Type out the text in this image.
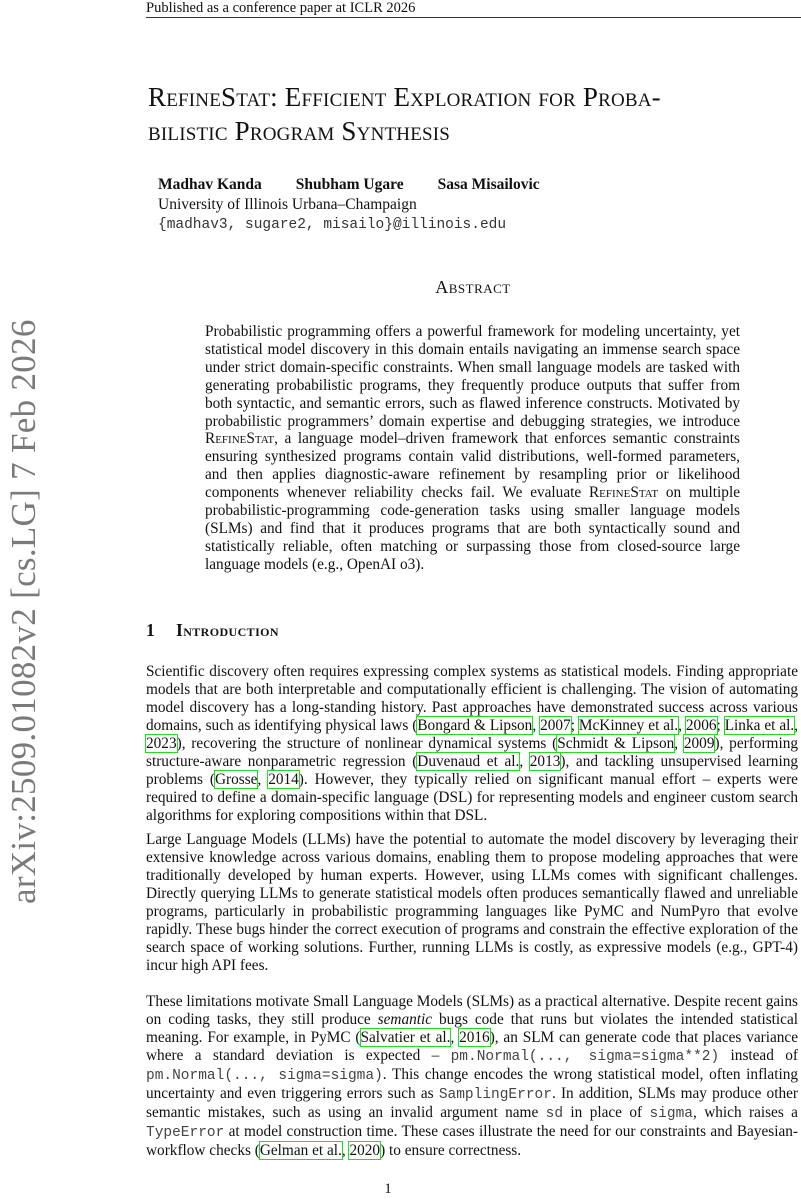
Published as a conference paper at ICLR 2026
arXiv:2509.01082v2 [cs.LG] 7 Feb 2026
RefineStat: Efficient Exploration for Proba-
bilistic Program Synthesis
Madhav Kanda Shubham Ugare Sasa Misailovic
University of Illinois Urbana–Champaign
{madhav3, sugare2, misailo}@illinois.edu
Abstract

Probabilistic programming offers a powerful framework for modeling uncertainty, yet statistical model discovery in this domain entails navigating an immense search space under strict domain-specific constraints. When small language models are tasked with generating probabilistic programs, they frequently produce outputs that suffer from both syntactic, and semantic errors, such as flawed inference constructs. Motivated by probabilistic programmers’ domain expertise and debugging strategies, we introduce RefineStat, a language model–driven framework that enforces semantic constraints ensuring synthesized programs contain valid distributions, well-formed parameters, and then applies diagnostic-aware refinement by resampling prior or likelihood components whenever reliability checks fail. We evaluate RefineStat on multiple probabilistic-programming code-generation tasks using smaller language models (SLMs) and find that it produces programs that are both syntactically sound and statistically reliable, often matching or surpassing those from closed-source large language models (e.g., OpenAI o3).

1 Introduction

Scientific discovery often requires expressing complex systems as statistical models. Finding appropriate models that are both interpretable and computationally efficient is challenging. The vision of automating model discovery has a long-standing history. Past approaches have demonstrated success across various domains, such as identifying physical laws (Bongard & Lipson, 2007; McKinney et al., 2006; Linka et al., 2023), recovering the structure of nonlinear dynamical systems (Schmidt & Lipson, 2009), performing structure-aware nonparametric regression (Duvenaud et al., 2013), and tackling unsupervised learning problems (Grosse, 2014). However, they typically relied on significant manual effort – experts were required to define a domain-specific language (DSL) for representing models and engineer custom search algorithms for exploring compositions within that DSL.

Large Language Models (LLMs) have the potential to automate the model discovery by leveraging their extensive knowledge across various domains, enabling them to propose modeling approaches that were traditionally developed by human experts. However, using LLMs comes with significant challenges. Directly querying LLMs to generate statistical models often produces semantically flawed and unreliable programs, particularly in probabilistic programming languages like PyMC and NumPyro that evolve rapidly. These bugs hinder the correct execution of programs and constrain the effective exploration of the search space of working solutions. Further, running LLMs is costly, as expressive models (e.g., GPT-4) incur high API fees.

These limitations motivate Small Language Models (SLMs) as a practical alternative. Despite recent gains on coding tasks, they still produce semantic bugs code that runs but violates the intended statistical meaning. For example, in PyMC (Salvatier et al., 2016), an SLM can generate code that places variance where a standard deviation is expected – pm.Normal(..., sigma=sigma**2) instead of pm.Normal(..., sigma=sigma). This change encodes the wrong statistical model, often inflating uncertainty and even triggering errors such as SamplingError. In addition, SLMs may produce other semantic mistakes, such as using an invalid argument name sd in place of sigma, which raises a TypeError at model construction time. These cases illustrate the need for our constraints and Bayesian-workflow checks (Gelman et al., 2020) to ensure correctness.

1
